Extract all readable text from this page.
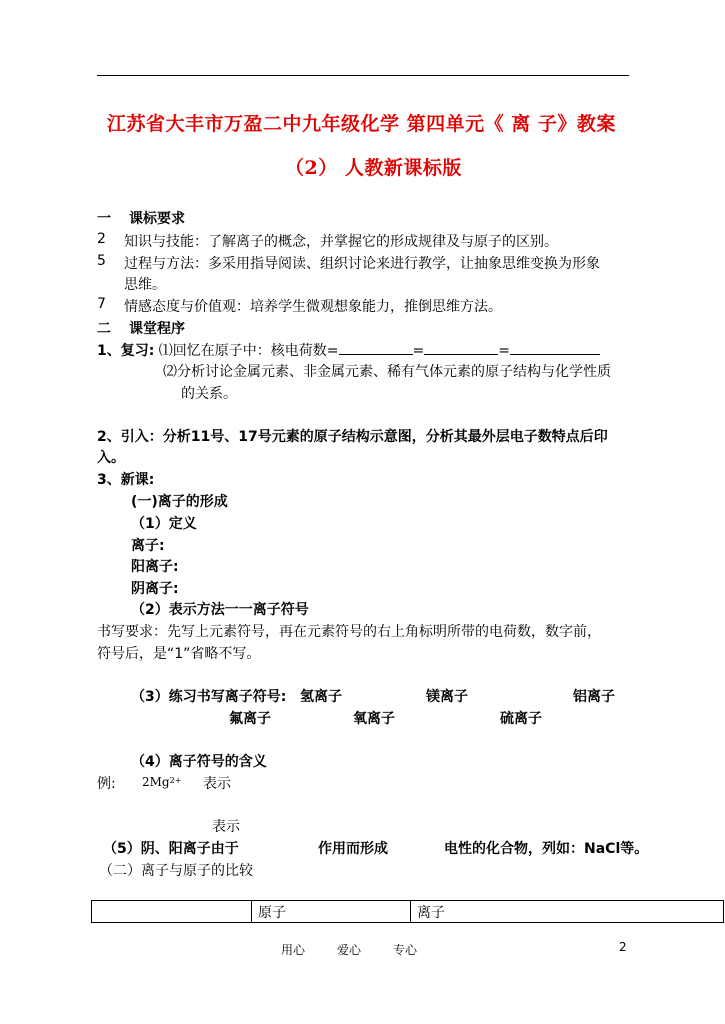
江苏省大丰市万盈二中九年级化学 第四单元《 离 子》教案
（2） 人教新课标版
一 课标要求
2 知识与技能：了解离子的概念，并掌握它的形成规律及与原子的区别。
5 过程与方法：多采用指导阅读、组织讨论来进行教学，让抽象思维变换为形象
思维。
7 情感态度与价值观：培养学生微观想象能力，推倒思维方法。
二 课堂程序
1、复习: ⑴回忆在原子中：核电荷数=	=	=
⑵分析讨论金属元素、非金属元素、稀有气体元素的原子结构与化学性质
的关系。
2、引入：分析11号、17号元素的原子结构示意图，分析其最外层电子数特点后印
入。
3、新课:
(一)离子的形成
（1）定义
离子:
阳离子:
阴离子:
（2）表示方法一一离子符号
书写要求：先写上元素符号，再在元素符号的右上角标明所带的电荷数，数字前，
符号后，是“1”省略不写。
（3）练习书写离子符号: 氢离子	镁离子	铝离子
氟离子	氧离子	硫离子
（4）离子符号的含义
例: $2Mg^{2+}$ 表示
表示
（5）阴、阳离子由于	作用而形成	电性的化合物，列如：NaCl等。
（二）离子与原子的比较
	原子	离子
用心	爱心	专心	2
